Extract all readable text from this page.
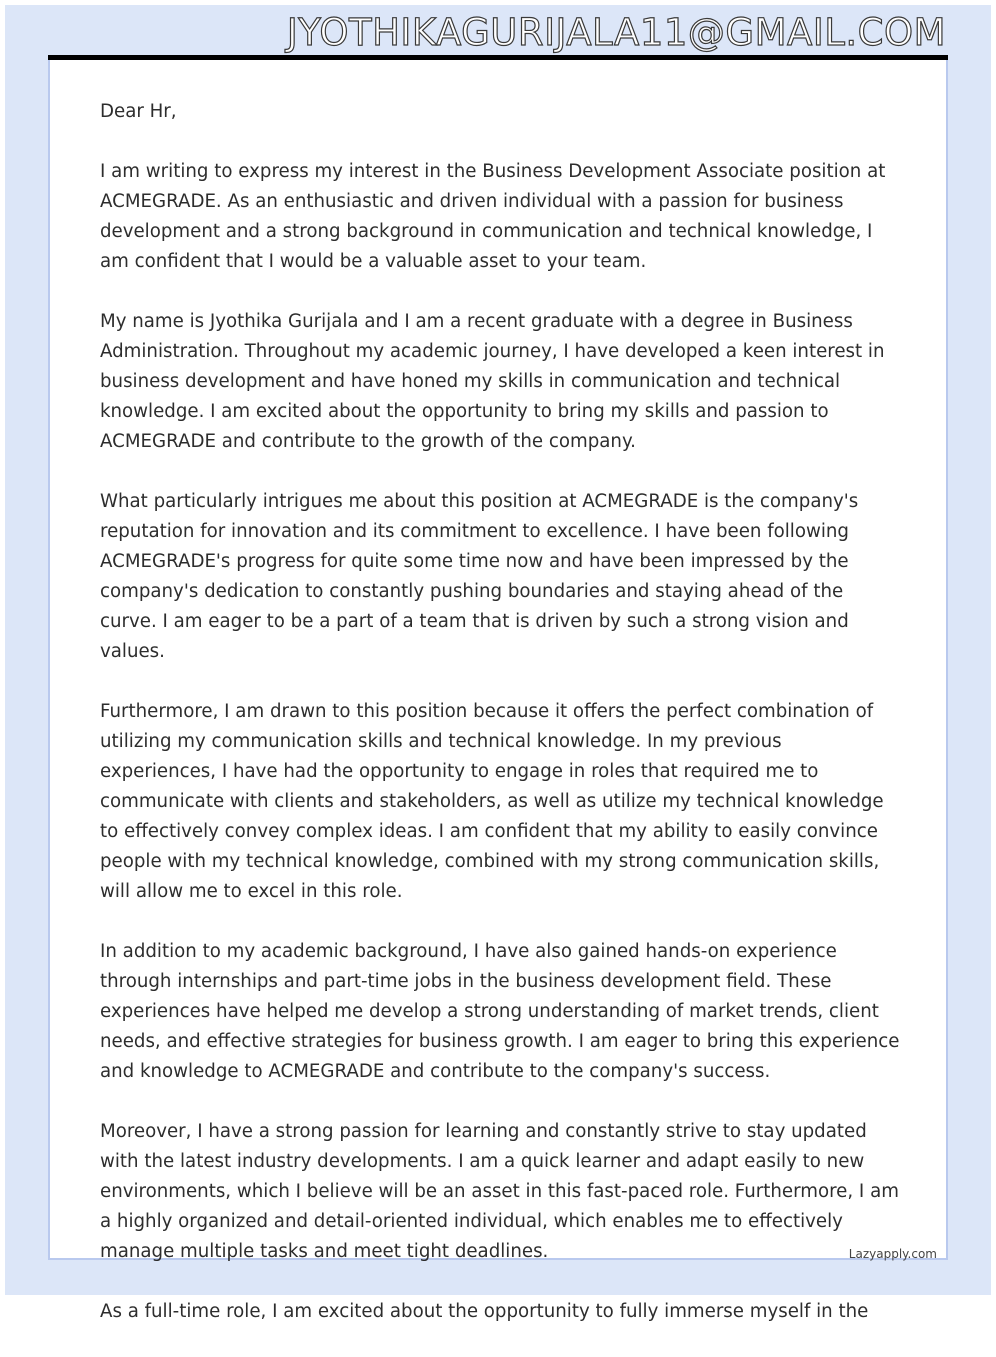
JYOTHIKAGURIJALA11@GMAIL.COM

Dear Hr,

I am writing to express my interest in the Business Development Associate position at ACMEGRADE. As an enthusiastic and driven individual with a passion for business development and a strong background in communication and technical knowledge, I am confident that I would be a valuable asset to your team.

My name is Jyothika Gurijala and I am a recent graduate with a degree in Business Administration. Throughout my academic journey, I have developed a keen interest in business development and have honed my skills in communication and technical knowledge. I am excited about the opportunity to bring my skills and passion to ACMEGRADE and contribute to the growth of the company.

What particularly intrigues me about this position at ACMEGRADE is the company's reputation for innovation and its commitment to excellence. I have been following ACMEGRADE's progress for quite some time now and have been impressed by the company's dedication to constantly pushing boundaries and staying ahead of the curve. I am eager to be a part of a team that is driven by such a strong vision and values.

Furthermore, I am drawn to this position because it offers the perfect combination of utilizing my communication skills and technical knowledge. In my previous experiences, I have had the opportunity to engage in roles that required me to communicate with clients and stakeholders, as well as utilize my technical knowledge to effectively convey complex ideas. I am confident that my ability to easily convince people with my technical knowledge, combined with my strong communication skills, will allow me to excel in this role.

In addition to my academic background, I have also gained hands-on experience through internships and part-time jobs in the business development field. These experiences have helped me develop a strong understanding of market trends, client needs, and effective strategies for business growth. I am eager to bring this experience and knowledge to ACMEGRADE and contribute to the company's success.

Moreover, I have a strong passion for learning and constantly strive to stay updated with the latest industry developments. I am a quick learner and adapt easily to new environments, which I believe will be an asset in this fast-paced role. Furthermore, I am a highly organized and detail-oriented individual, which enables me to effectively manage multiple tasks and meet tight deadlines.

As a full-time role, I am excited about the opportunity to fully immerse myself in the

Lazyapply.com
